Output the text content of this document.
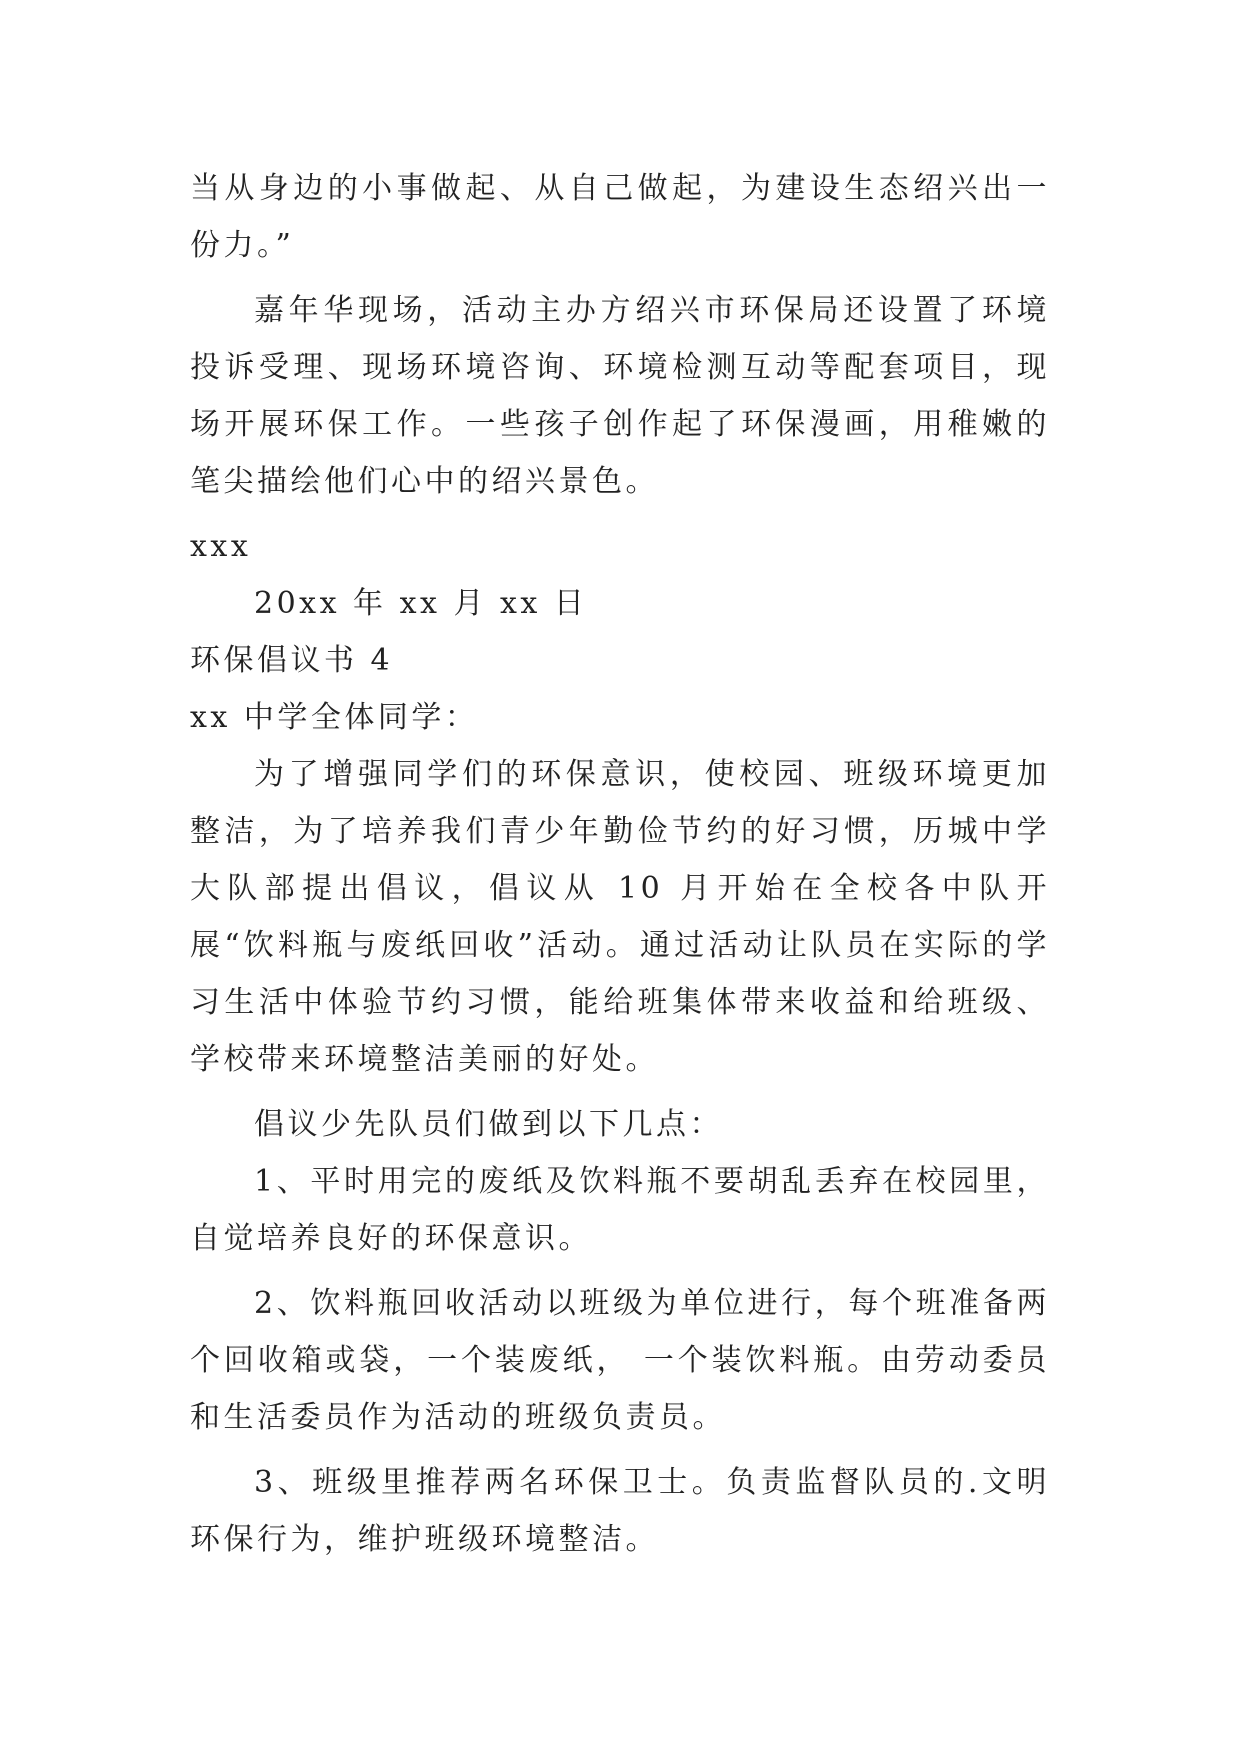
当从身边的小事做起、从自己做起，为建设生态绍兴出一份力。”

嘉年华现场，活动主办方绍兴市环保局还设置了环境投诉受理、现场环境咨询、环境检测互动等配套项目，现场开展环保工作。一些孩子创作起了环保漫画，用稚嫩的笔尖描绘他们心中的绍兴景色。

xxx

20xx 年 xx 月 xx 日

环保倡议书 4

xx 中学全体同学：

为了增强同学们的环保意识，使校园、班级环境更加整洁，为了培养我们青少年勤俭节约的好习惯，历城中学大队部提出倡议，倡议从 10 月开始在全校各中队开展“饮料瓶与废纸回收”活动。通过活动让队员在实际的学习生活中体验节约习惯，能给班集体带来收益和给班级、学校带来环境整洁美丽的好处。

倡议少先队员们做到以下几点：

1、平时用完的废纸及饮料瓶不要胡乱丢弃在校园里，自觉培养良好的环保意识。

2、饮料瓶回收活动以班级为单位进行，每个班准备两个回收箱或袋，一个装废纸， 一个装饮料瓶。由劳动委员和生活委员作为活动的班级负责员。

3、班级里推荐两名环保卫士。负责监督队员的.文明环保行为，维护班级环境整洁。
